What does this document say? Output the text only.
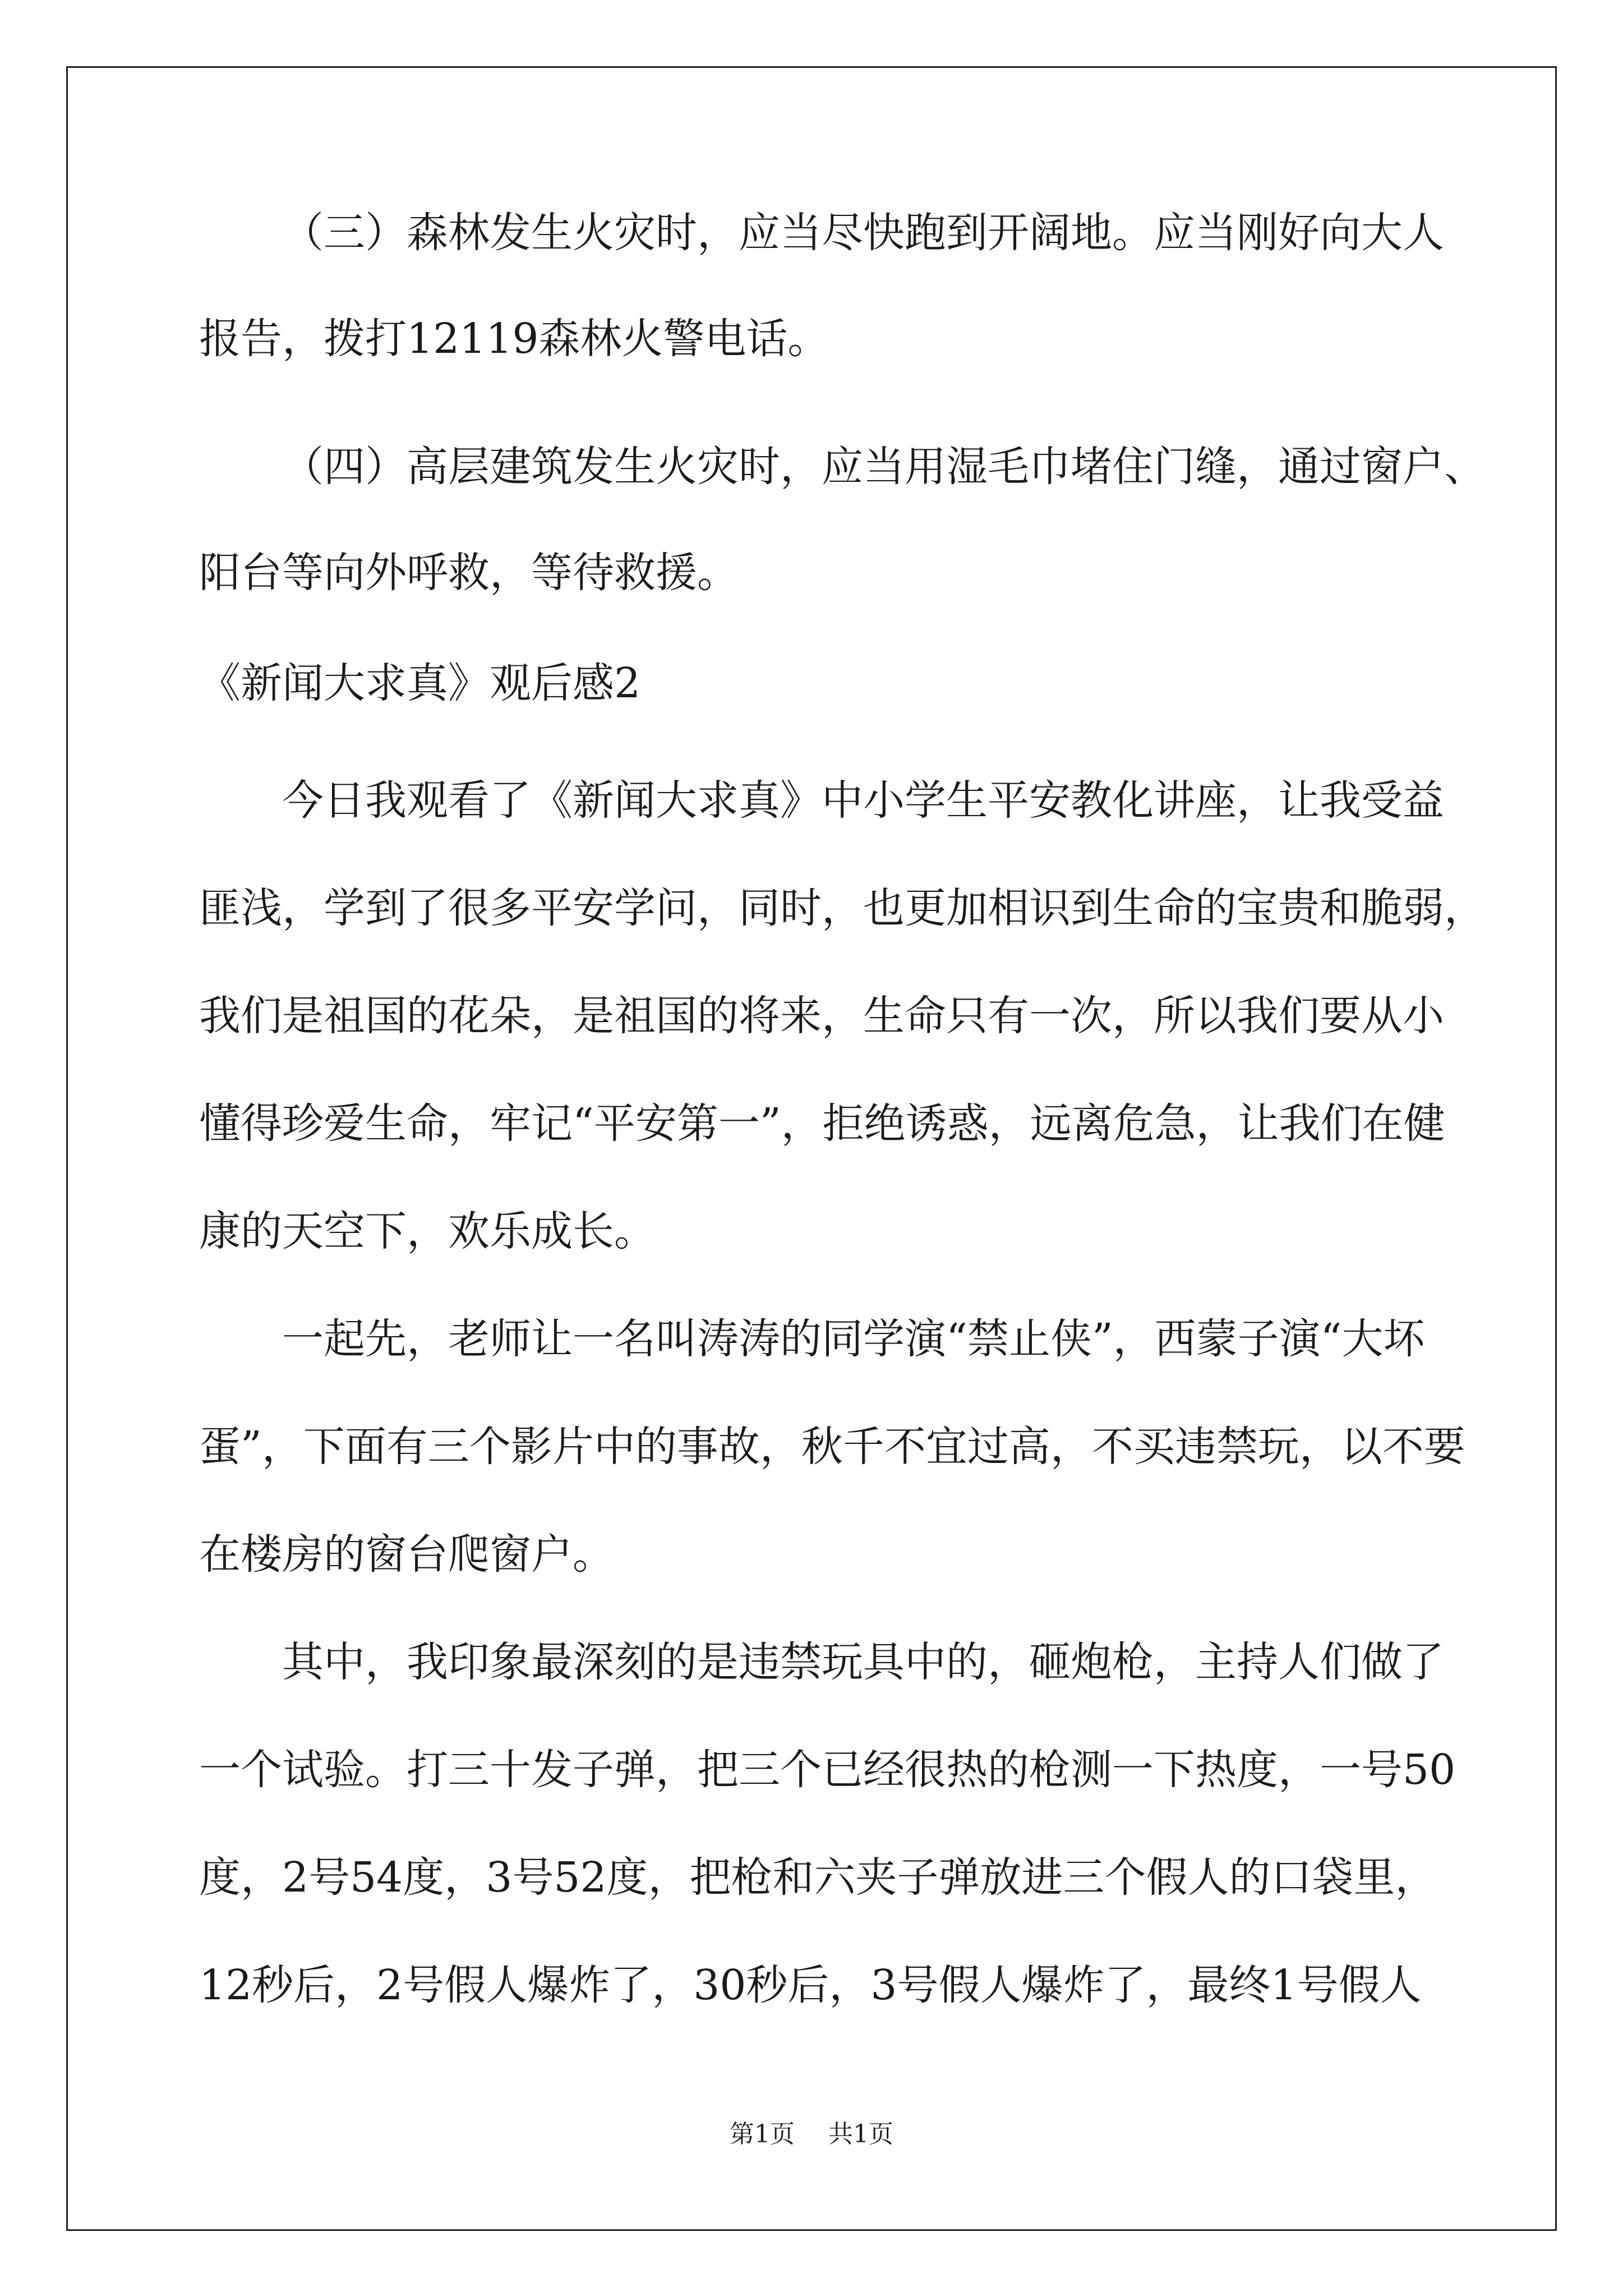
（三）森林发生火灾时，应当尽快跑到开阔地。应当刚好向大人
报告，拨打12119森林火警电话。
（四）高层建筑发生火灾时，应当用湿毛巾堵住门缝，通过窗户、
阳台等向外呼救，等待救援。
《新闻大求真》观后感2
今日我观看了《新闻大求真》中小学生平安教化讲座，让我受益
匪浅，学到了很多平安学问，同时，也更加相识到生命的宝贵和脆弱，
我们是祖国的花朵，是祖国的将来，生命只有一次，所以我们要从小
懂得珍爱生命，牢记“平安第一”，拒绝诱惑，远离危急，让我们在健
康的天空下，欢乐成长。
一起先，老师让一名叫涛涛的同学演“禁止侠”，西蒙子演“大坏
蛋”，下面有三个影片中的事故，秋千不宜过高，不买违禁玩，以不要
在楼房的窗台爬窗户。
其中，我印象最深刻的是违禁玩具中的，砸炮枪，主持人们做了
一个试验。打三十发子弹，把三个已经很热的枪测一下热度，一号50
度，2号54度，3号52度，把枪和六夹子弹放进三个假人的口袋里，
12秒后，2号假人爆炸了，30秒后，3号假人爆炸了，最终1号假人
第1页 共1页
